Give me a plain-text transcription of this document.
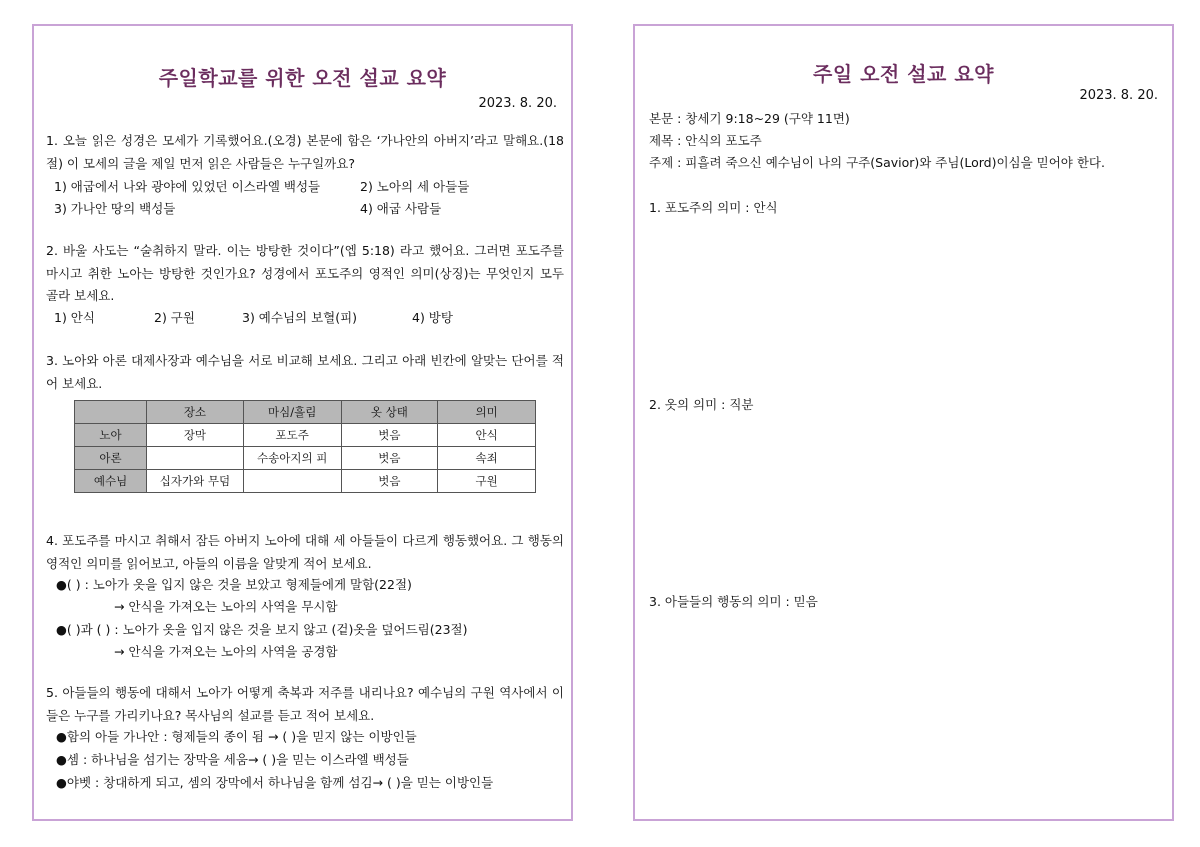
주일학교를 위한 오전 설교 요약
2023. 8. 20.
1. 오늘 읽은 성경은 모세가 기록했어요.(오경) 본문에 함은 ‘가나안의 아버지’라고 말해요.(18절) 이 모세의 글을 제일 먼저 읽은 사람들은 누구일까요?
1) 애굽에서 나와 광야에 있었던 이스라엘 백성들	2) 노아의 세 아들들
3) 가나안 땅의 백성들	4) 애굽 사람들
2. 바울 사도는 “술취하지 말라. 이는 방탕한 것이다”(엡 5:18) 라고 했어요. 그러면 포도주를 마시고 취한 노아는 방탕한 것인가요? 성경에서 포도주의 영적인 의미(상징)는 무엇인지 모두 골라 보세요.
1) 안식	2) 구원	3) 예수님의 보혈(피)	4) 방탕
3. 노아와 아론 대제사장과 예수님을 서로 비교해 보세요. 그리고 아래 빈칸에 알맞는 단어를 적어 보세요.
	장소	마심/흘림	옷 상태	의미
노아	장막	포도주	벗음	안식
아론		수송아지의 피	벗음	속죄
예수님	십자가와 무덤		벗음	구원
4. 포도주를 마시고 취해서 잠든 아버지 노아에 대해 세 아들들이 다르게 행동했어요. 그 행동의 영적인 의미를 읽어보고, 아들의 이름을 알맞게 적어 보세요.
●( ) : 노아가 옷을 입지 않은 것을 보았고 형제들에게 말함(22절)
→ 안식을 가져오는 노아의 사역을 무시함
●( )과 ( ) : 노아가 옷을 입지 않은 것을 보지 않고 (겉)옷을 덮어드림(23절)
→ 안식을 가져오는 노아의 사역을 공경함
5. 아들들의 행동에 대해서 노아가 어떻게 축복과 저주를 내리나요? 예수님의 구원 역사에서 이들은 누구를 가리키나요? 목사님의 설교를 듣고 적어 보세요.
●함의 아들 가나안 : 형제들의 종이 됨 → ( )을 믿지 않는 이방인들
●셈 : 하나님을 섬기는 장막을 세움→ ( )을 믿는 이스라엘 백성들
●야벳 : 창대하게 되고, 셈의 장막에서 하나님을 함께 섬김→ ( )을 믿는 이방인들
주일 오전 설교 요약
2023. 8. 20.
본문 : 창세기 9:18~29 (구약 11면)
제목 : 안식의 포도주
주제 : 피흘려 죽으신 예수님이 나의 구주(Savior)와 주님(Lord)이심을 믿어야 한다.
1. 포도주의 의미 : 안식
2. 옷의 의미 : 직분
3. 아들들의 행동의 의미 : 믿음
